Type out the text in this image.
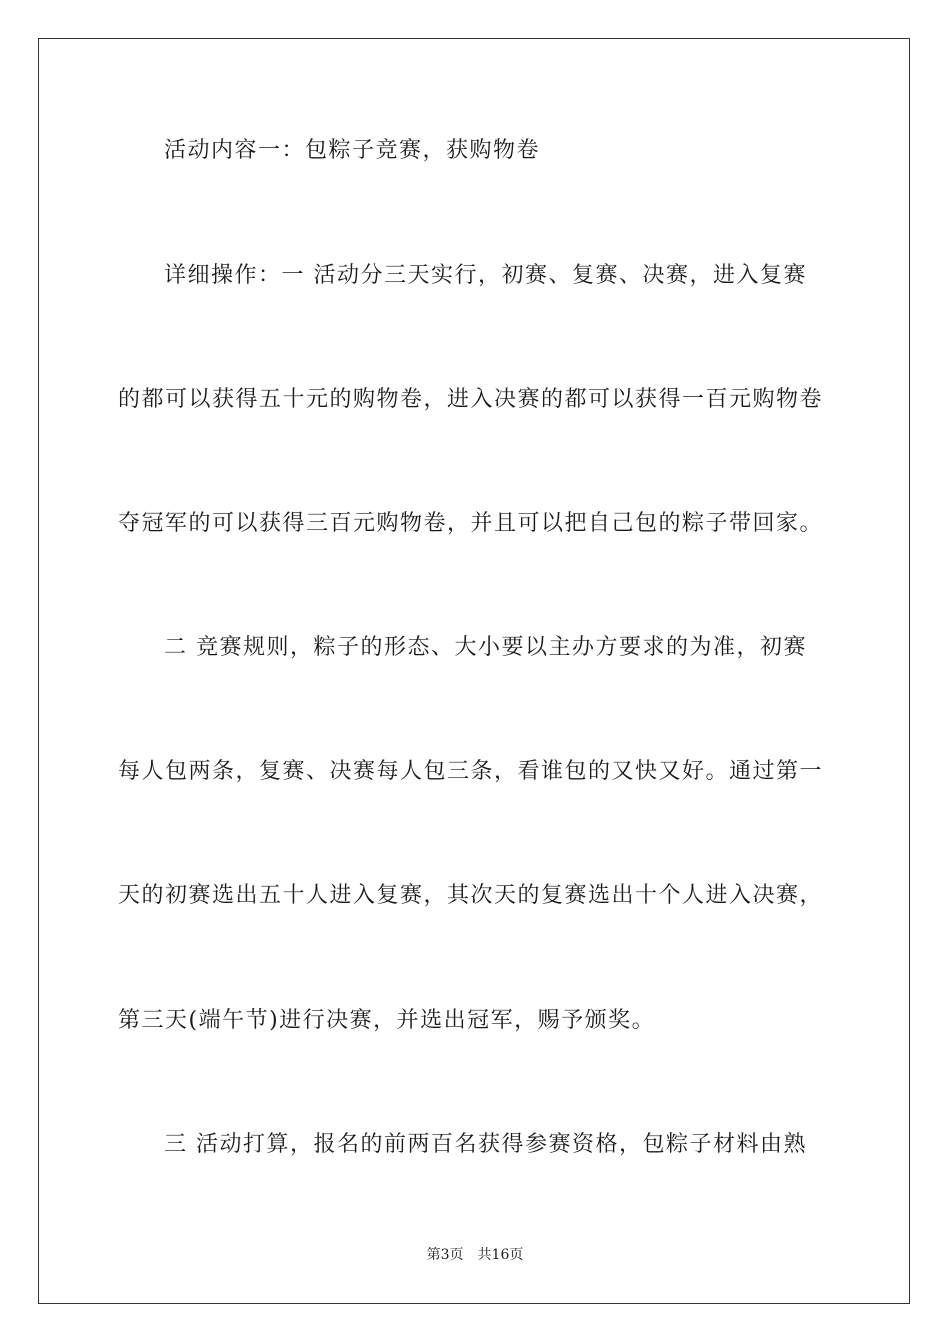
活动内容一：包粽子竞赛，获购物卷
详细操作：一 活动分三天实行，初赛、复赛、决赛，进入复赛
的都可以获得五十元的购物卷，进入决赛的都可以获得一百元购物卷
夺冠军的可以获得三百元购物卷，并且可以把自己包的粽子带回家。
二 竞赛规则，粽子的形态、大小要以主办方要求的为准，初赛
每人包两条，复赛、决赛每人包三条，看谁包的又快又好。通过第一
天的初赛选出五十人进入复赛，其次天的复赛选出十个人进入决赛，
第三天(端午节)进行决赛，并选出冠军，赐予颁奖。
三 活动打算，报名的前两百名获得参赛资格，包粽子材料由熟
第3页 共16页
